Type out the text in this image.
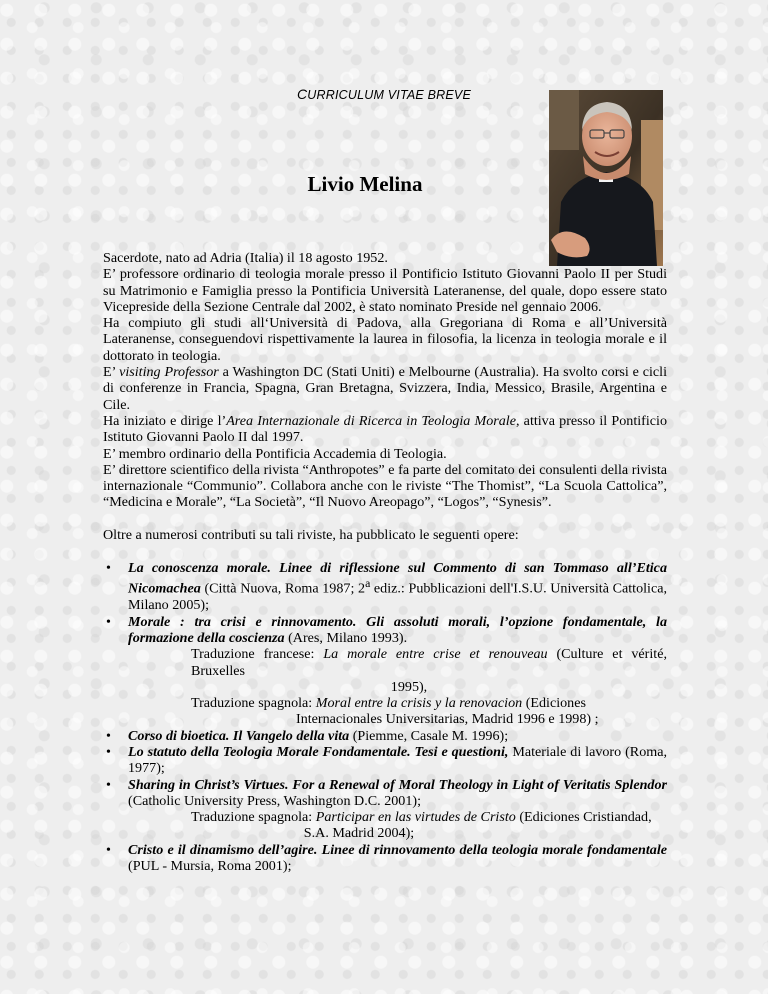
CURRICULUM VITAE BREVE
Livio Melina

Sacerdote, nato ad Adria (Italia) il 18 agosto 1952.

E’ professore ordinario di teologia morale presso il Pontificio Istituto Giovanni Paolo II per Studi su Matrimonio e Famiglia presso la Pontificia Università Lateranense, del quale, dopo essere stato Vicepreside della Sezione Centrale dal 2002, è stato nominato Preside nel gennaio 2006.

Ha compiuto gli studi all‘Università di Padova, alla Gregoriana di Roma e all’Università Lateranense, conseguendovi rispettivamente la laurea in filosofia, la licenza in teologia morale e il dottorato in teologia.

E’ visiting Professor a Washington DC (Stati Uniti) e Melbourne (Australia). Ha svolto corsi e cicli di conferenze in Francia, Spagna, Gran Bretagna, Svizzera, India, Messico, Brasile, Argentina e Cile.

Ha iniziato e dirige l’Area Internazionale di Ricerca in Teologia Morale, attiva presso il Pontificio Istituto Giovanni Paolo II dal 1997.

E’ membro ordinario della Pontificia Accademia di Teologia.

E’ direttore scientifico della rivista “Anthropotes” e fa parte del comitato dei consulenti della rivista internazionale “Communio”. Collabora anche con le riviste “The Thomist”, “La Scuola Cattolica”, “Medicina e Morale”, “La Società”, “Il Nuovo Areopago”, “Logos”, “Synesis”.

Oltre a numerosi contributi su tali riviste, ha pubblicato le seguenti opere:

• La conoscenza morale. Linee di riflessione sul Commento di san Tommaso all’Etica Nicomachea (Città Nuova, Roma 1987; 2$^a$ ediz.: Pubblicazioni dell'I.S.U. Università Cattolica, Milano 2005);
• Morale : tra crisi e rinnovamento. Gli assoluti morali, l’opzione fondamentale, la formazione della coscienza (Ares, Milano 1993).
Traduzione francese: La morale entre crise et renouveau (Culture et vérité, Bruxelles
1995),
Traduzione spagnola: Moral entre la crisis y la renovacion (Ediciones
Internacionales Universitarias, Madrid 1996 e 1998) ;
• Corso di bioetica. Il Vangelo della vita (Piemme, Casale M. 1996);
• Lo statuto della Teologia Morale Fondamentale. Tesi e questioni, Materiale di lavoro (Roma, 1977);
• Sharing in Christ’s Virtues. For a Renewal of Moral Theology in Light of Veritatis Splendor (Catholic University Press, Washington D.C. 2001);
Traduzione spagnola: Participar en las virtudes de Cristo (Ediciones Cristiandad,
S.A. Madrid 2004);
• Cristo e il dinamismo dell’agire. Linee di rinnovamento della teologia morale fondamentale (PUL - Mursia, Roma 2001);
